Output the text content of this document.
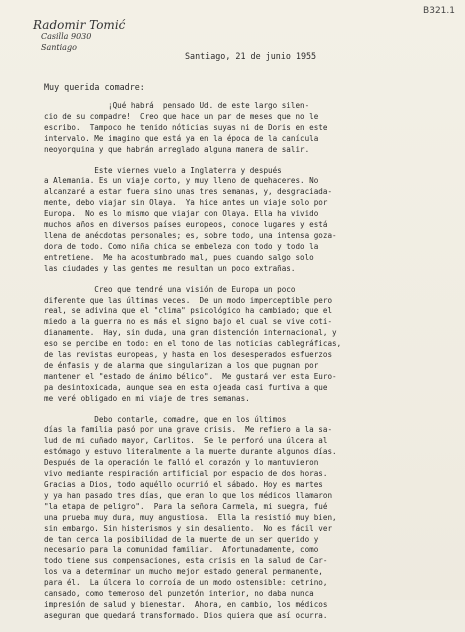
B321.1
Radomir Tomić
Casilla 9030
Santiago
Santiago, 21 de junio 1955
Muy querida comadre:
¡Qué habrá  pensado Ud. de este largo silen-
cio de su compadre!  Creo que hace un par de meses que no le
escribo.  Tampoco he tenido nóticias suyas ni de Doris en este
intervalo. Me imagino que está ya en la época de la canícula
neoyorquina y que habrán arreglado alguna manera de salir.
Este viernes vuelo a Inglaterra y después
a Alemania. Es un viaje corto, y muy lleno de quehaceres. No
alcanzaré a estar fuera sino unas tres semanas, y, desgraciada-
mente, debo viajar sin Olaya.  Ya hice antes un viaje solo por
Europa.  No es lo mismo que viajar con Olaya. Ella ha vivido
muchos años en diversos países europeos, conoce lugares y está
llena de anécdotas personales; es, sobre todo, una intensa goza-
dora de todo. Como niña chica se embeleza con todo y todo la
entretiene.  Me ha acostumbrado mal, pues cuando salgo solo
las ciudades y las gentes me resultan un poco extrañas.
Creo que tendré una visión de Europa un poco
diferente que las últimas veces.  De un modo imperceptible pero
real, se adivina que el "clima" psicológico ha cambiado; que el
miedo a la guerra no es más el signo bajo el cual se vive coti-
dianamente.  Hay, sin duda, una gran distención internacional, y
eso se percibe en todo: en el tono de las noticias cablegráficas,
de las revistas europeas, y hasta en los desesperados esfuerzos
de énfasis y de alarma que singularizan a los que pugnan por
mantener el "estado de ánimo bélico".  Me gustará ver esta Euro-
pa desintoxicada, aunque sea en esta ojeada casi furtiva a que
me veré obligado en mi viaje de tres semanas.
Debo contarle, comadre, que en los últimos
días la familia pasó por una grave crisis.  Me refiero a la sa-
lud de mi cuñado mayor, Carlitos.  Se le perforó una úlcera al
estómago y estuvo literalmente a la muerte durante algunos días.
Después de la operación le falló el corazón y lo mantuvieron
vivo mediante respiración artificial por espacio de dos horas.
Gracias a Dios, todo aquéllo ocurrió el sábado. Hoy es martes
y ya han pasado tres días, que eran lo que los médicos llamaron
"la etapa de peligro".  Para la señora Carmela, mi suegra, fué
una prueba muy dura, muy angustiosa.  Ella la resistió muy bien,
sin embargo. Sin histerismos y sin desaliento.  No es fácil ver
de tan cerca la posibilidad de la muerte de un ser querido y
necesario para la comunidad familiar.  Afortunadamente, como
todo tiene sus compensaciones, esta crisis en la salud de Car-
los va a determinar un mucho mejor estado general permanente,
para él.  La úlcera lo corroía de un modo ostensible: cetrino,
cansado, como temeroso del punzetón interior, no daba nunca
impresión de salud y bienestar.  Ahora, en cambio, los médicos
aseguran que quedará transformado. Dios quiera que así ocurra.
